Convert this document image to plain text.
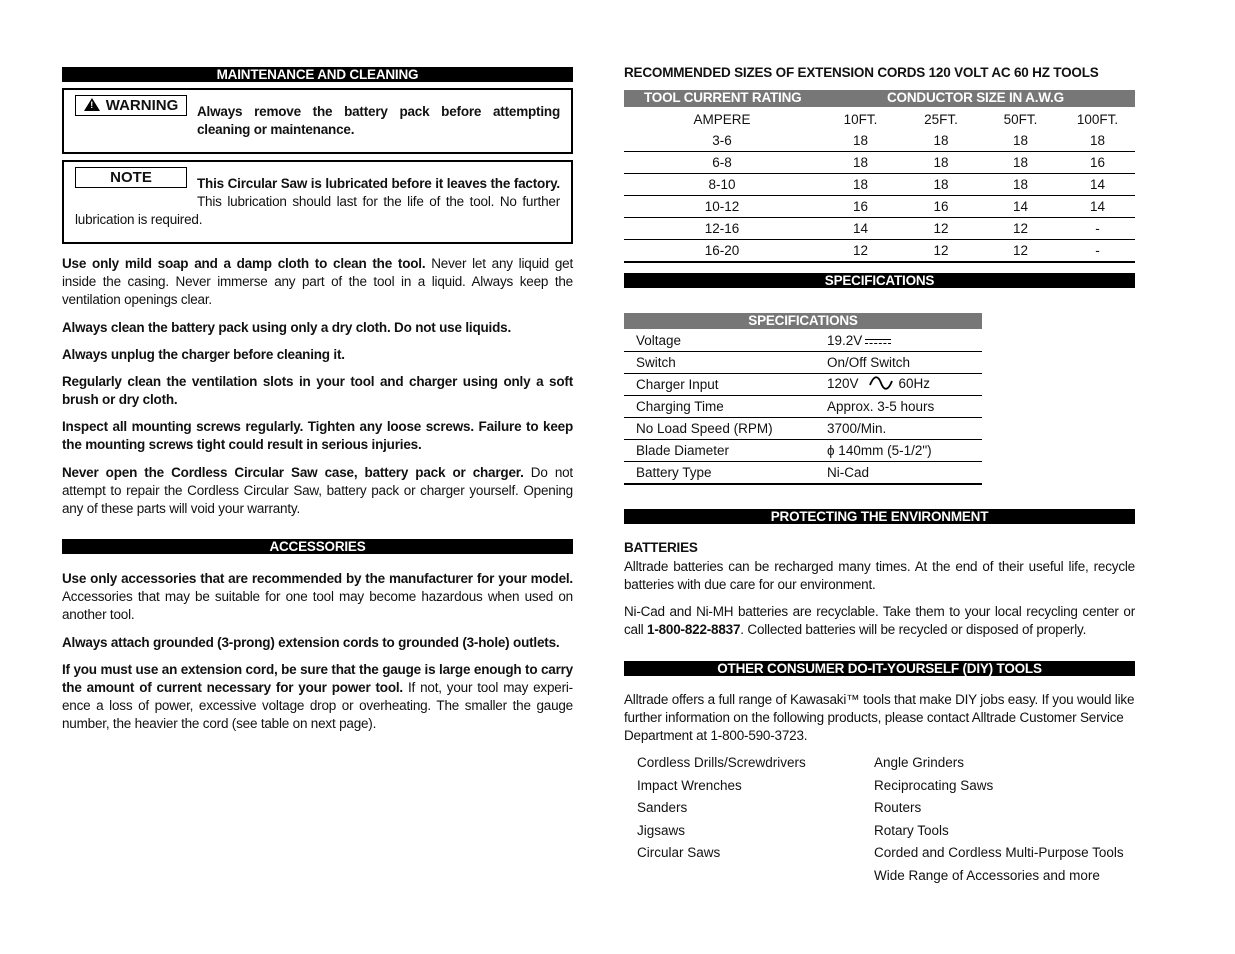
MAINTENANCE AND CLEANING
! WARNING	Always remove the battery pack before attempting cleaning or maintenance.
NOTE	This Circular Saw is lubricated before it leaves the factory. This lubrication should last for the life of the tool. No further lubrication is required.
Use only mild soap and a damp cloth to clean the tool. Never let any liquid get inside the casing. Never immerse any part of the tool in a liquid. Always keep the ventilation openings clear.
Always clean the battery pack using only a dry cloth. Do not use liquids.
Always unplug the charger before cleaning it.
Regularly clean the ventilation slots in your tool and charger using only a soft brush or dry cloth.
Inspect all mounting screws regularly. Tighten any loose screws. Failure to keep the mounting screws tight could result in serious injuries.
Never open the Cordless Circular Saw case, battery pack or charger. Do not attempt to repair the Cordless Circular Saw, battery pack or charger yourself. Opening any of these parts will void your warranty.
ACCESSORIES
Use only accessories that are recommended by the manufacturer for your model. Accessories that may be suitable for one tool may become hazardous when used on another tool.
Always attach grounded (3-prong) extension cords to grounded (3-hole) outlets.
If you must use an extension cord, be sure that the gauge is large enough to carry the amount of current necessary for your power tool. If not, your tool may experi-ence a loss of power, excessive voltage drop or overheating. The smaller the gauge number, the heavier the cord (see table on next page).
RECOMMENDED SIZES OF EXTENSION CORDS 120 VOLT AC 60 HZ TOOLS
TOOL CURRENT RATING	CONDUCTOR SIZE IN A.W.G
AMPERE	10FT.	25FT.	50FT.	100FT.
3-6	18	18	18	18
6-8	18	18	18	16
8-10	18	18	18	14
10-12	16	16	14	14
12-16	14	12	12	-
16-20	12	12	12	-
SPECIFICATIONS
SPECIFICATIONS
Voltage	19.2V

Switch	On/Off Switch
Charger Input	120V 60Hz
Charging Time	Approx. 3-5 hours
No Load Speed (RPM)	3700/Min.
Blade Diameter	ϕ 140mm (5-1/2")
Battery Type	Ni-Cad
PROTECTING THE ENVIRONMENT
BATTERIES
Alltrade batteries can be recharged many times. At the end of their useful life, recycle batteries with due care for our environment.
Ni-Cad and Ni-MH batteries are recyclable. Take them to your local recycling center or call 1-800-822-8837. Collected batteries will be recycled or disposed of properly.
OTHER CONSUMER DO-IT-YOURSELF (DIY) TOOLS
Alltrade offers a full range of Kawasaki™ tools that make DIY jobs easy. If you would like further information on the following products, please contact Alltrade Customer Service Department at 1-800-590-3723.
Cordless Drills/Screwdrivers
Impact Wrenches
Sanders
Jigsaws
Circular Saws
Angle Grinders
Reciprocating Saws
Routers
Rotary Tools
Corded and Cordless Multi-Purpose Tools
Wide Range of Accessories and more
